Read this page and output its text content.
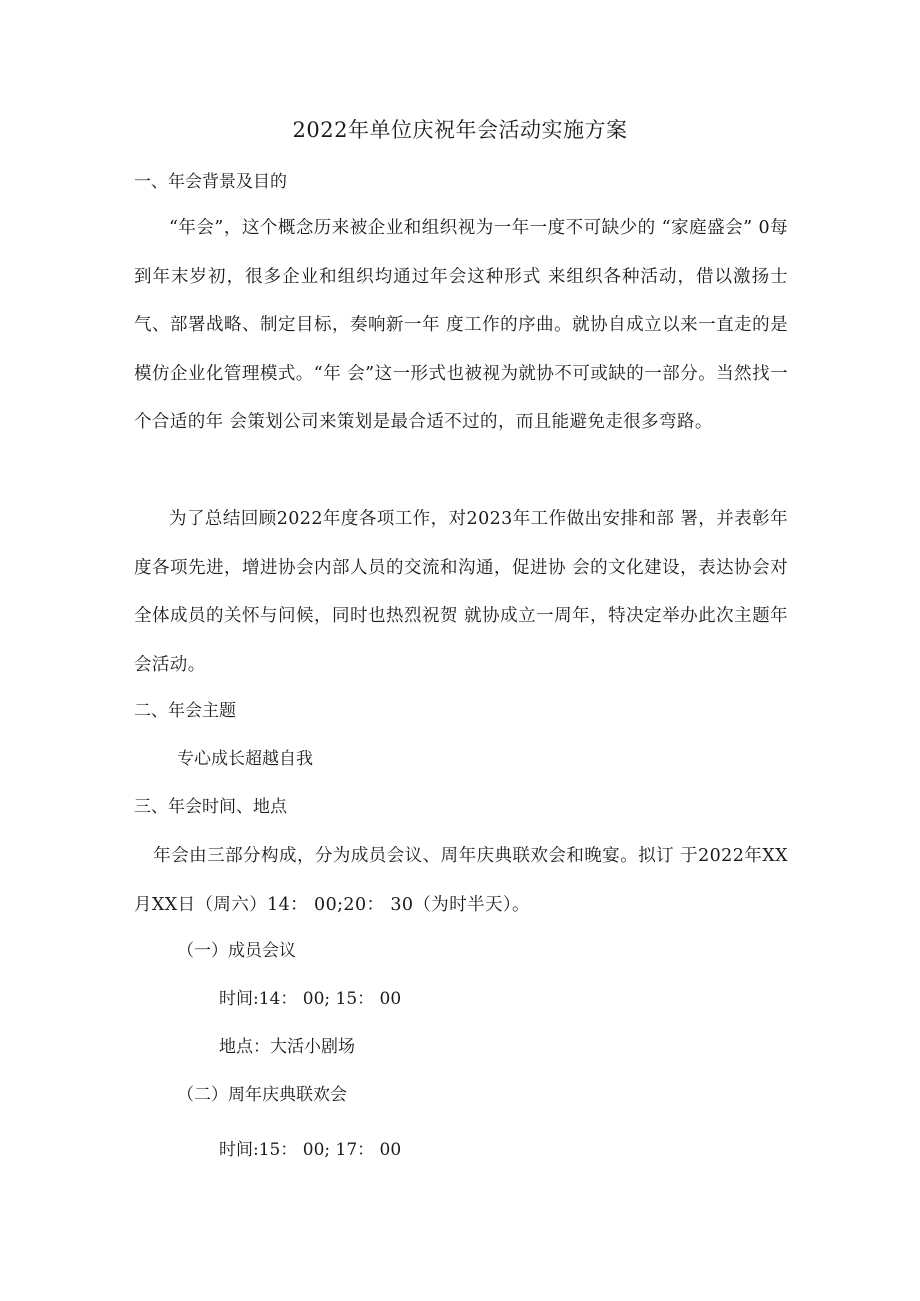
2022年单位庆祝年会活动实施方案
一、年会背景及目的
“年会”，这个概念历来被企业和组织视为一年一度不可缺少的 “家庭盛会” 0每到年末岁初，很多企业和组织均通过年会这种形式 来组织各种活动，借以激扬士气、部署战略、制定目标，奏响新一年 度工作的序曲。就协自成立以来一直走的是模仿企业化管理模式。“年 会”这一形式也被视为就协不可或缺的一部分。当然找一个合适的年 会策划公司来策划是最合适不过的，而且能避免走很多弯路。
为了总结回顾2022年度各项工作，对2023年工作做出安排和部 署，并表彰年度各项先进，增进协会内部人员的交流和沟通，促进协 会的文化建设，表达协会对全体成员的关怀与问候，同时也热烈祝贺 就协成立一周年，特决定举办此次主题年会活动。
二、年会主题
专心成长超越自我
三、年会时间、地点
年会由三部分构成，分为成员会议、周年庆典联欢会和晚宴。拟订 于2022年XX月XX日（周六）14： 00;20： 30（为时半天）。
（一）成员会议
时间:14： 00; 15： 00
地点：大活小剧场
（二）周年庆典联欢会
时间:15： 00; 17： 00
